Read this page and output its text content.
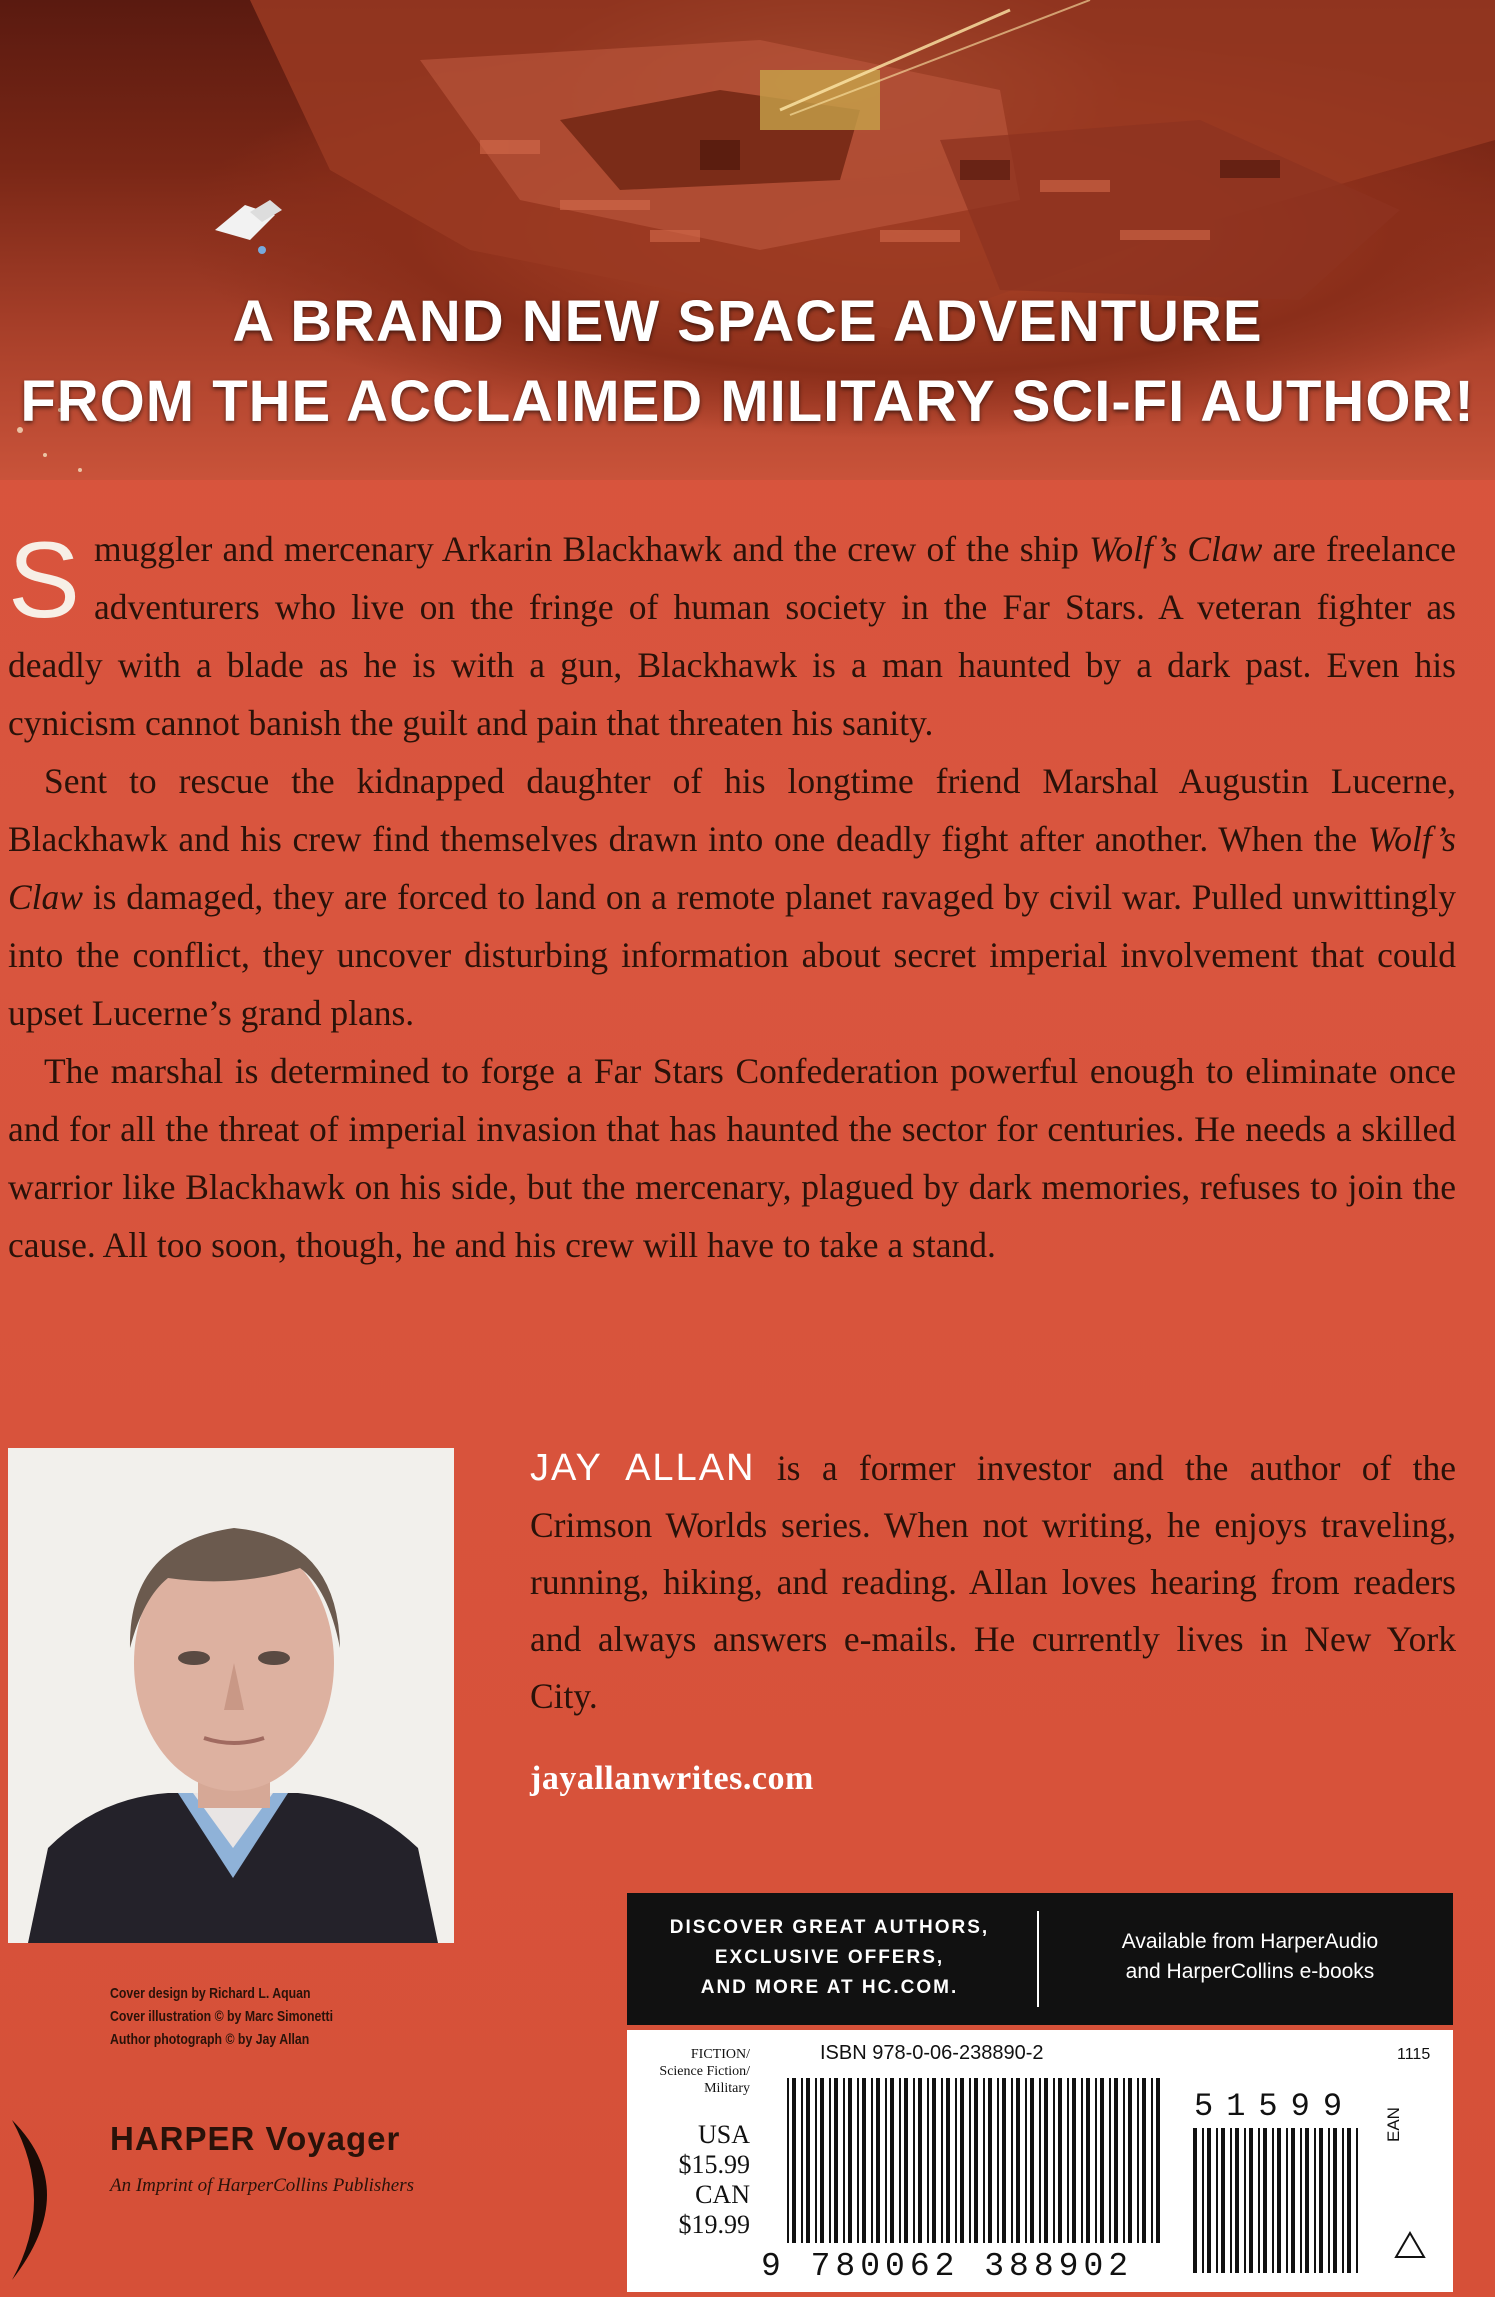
A BRAND NEW SPACE ADVENTURE
FROM THE ACCLAIMED MILITARY SCI-FI AUTHOR!

Smuggler and mercenary Arkarin Blackhawk and the crew of the ship Wolf’s Claw are freelance adventurers who live on the fringe of human society in the Far Stars. A veteran fighter as deadly with a blade as he is with a gun, Blackhawk is a man haunted by a dark past. Even his cynicism cannot banish the guilt and pain that threaten his sanity.

Sent to rescue the kidnapped daughter of his longtime friend Marshal Augustin Lucerne, Blackhawk and his crew find themselves drawn into one deadly fight after another. When the Wolf’s Claw is damaged, they are forced to land on a remote planet ravaged by civil war. Pulled unwittingly into the conflict, they uncover disturbing information about secret imperial involvement that could upset Lucerne’s grand plans.

The marshal is determined to forge a Far Stars Confederation powerful enough to eliminate once and for all the threat of imperial invasion that has haunted the sector for centuries. He needs a skilled warrior like Blackhawk on his side, but the mercenary, plagued by dark memories, refuses to join the cause. All too soon, though, he and his crew will have to take a stand.

JAY ALLAN is a former investor and the author of the Crimson Worlds series. When not writing, he enjoys traveling, running, hiking, and reading. Allan loves hearing from readers and always answers e-mails. He currently lives in New York City.
jayallanwrites.com
Cover design by Richard L. Aquan
Cover illustration © by Marc Simonetti
Author photograph © by Jay Allan
HARPER Voyager
An Imprint of HarperCollins Publishers
DISCOVER GREAT AUTHORS,
EXCLUSIVE OFFERS,
AND MORE AT HC.COM.
Available from HarperAudio
and HarperCollins e-books
FICTION/
Science Fiction/
Military
USA
$15.99
CAN
$19.99
ISBN 978-0-06-238890-2	1115
51599
9 780062 388902
EAN
